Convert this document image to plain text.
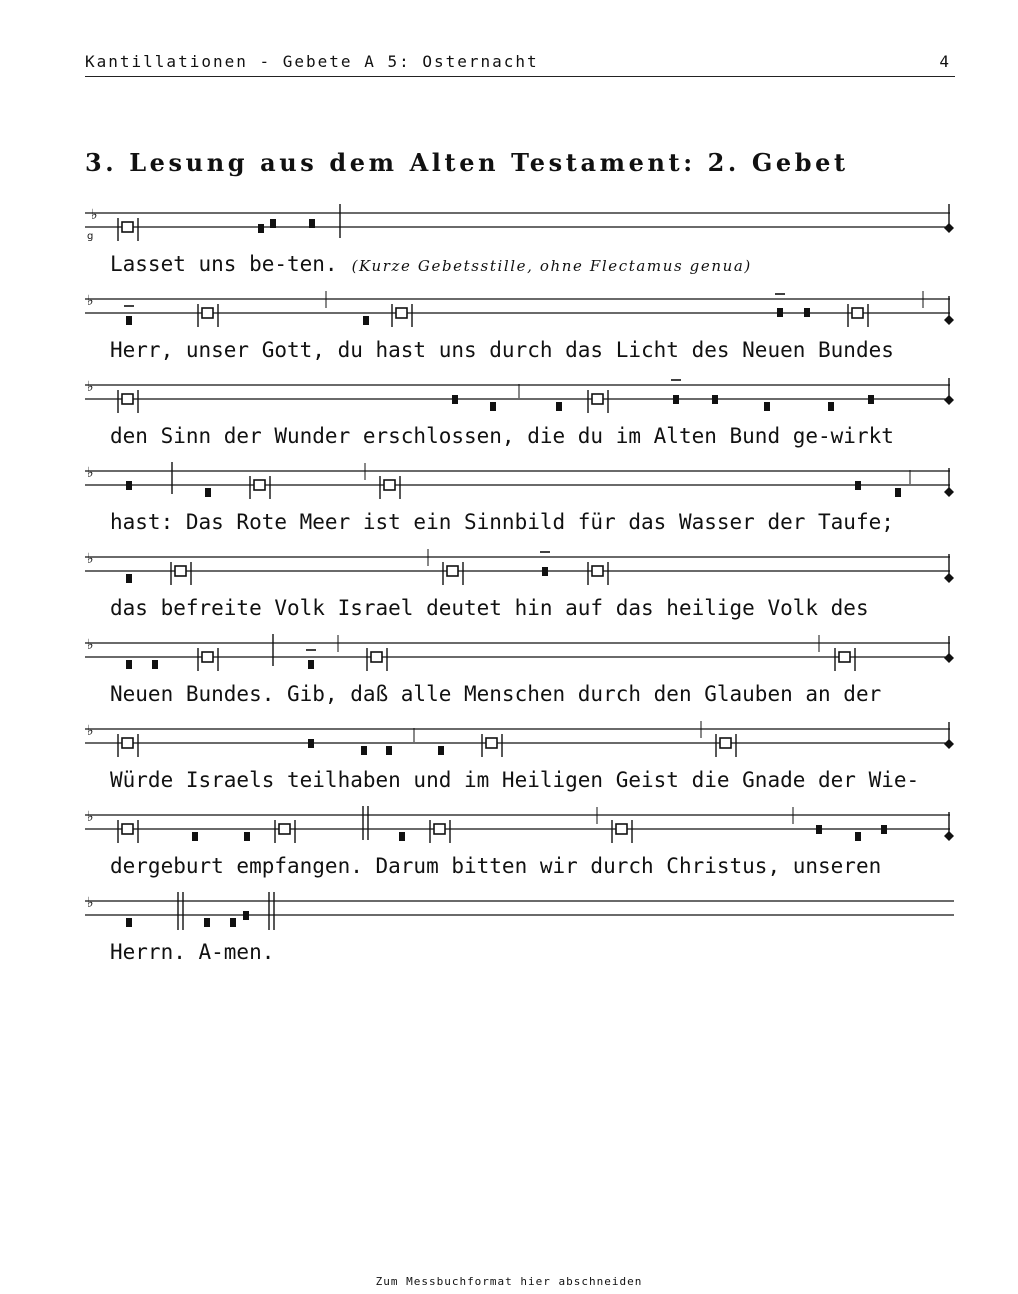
Kantillationen - Gebete A 5: Osternacht	4
3. Lesung aus dem Alten Testament: 2. Gebet
♭
g
Lasset uns be-ten. (Kurze Gebetsstille, ohne Flectamus genua)
♭
Herr, unser Gott, du hast uns durch das Licht des Neuen Bundes
♭
den Sinn der Wunder erschlossen, die du im Alten Bund ge-wirkt
♭
hast: Das Rote Meer ist ein Sinnbild für das Wasser der Taufe;
♭
das befreite Volk Israel deutet hin auf das heilige Volk des
♭
Neuen Bundes. Gib, daß alle Menschen durch den Glauben an der
♭
Würde Israels teilhaben und im Heiligen Geist die Gnade der Wie-
♭
dergeburt empfangen. Darum bitten wir durch Christus, unseren
♭
Herrn. A-men.
Zum Messbuchformat hier abschneiden
